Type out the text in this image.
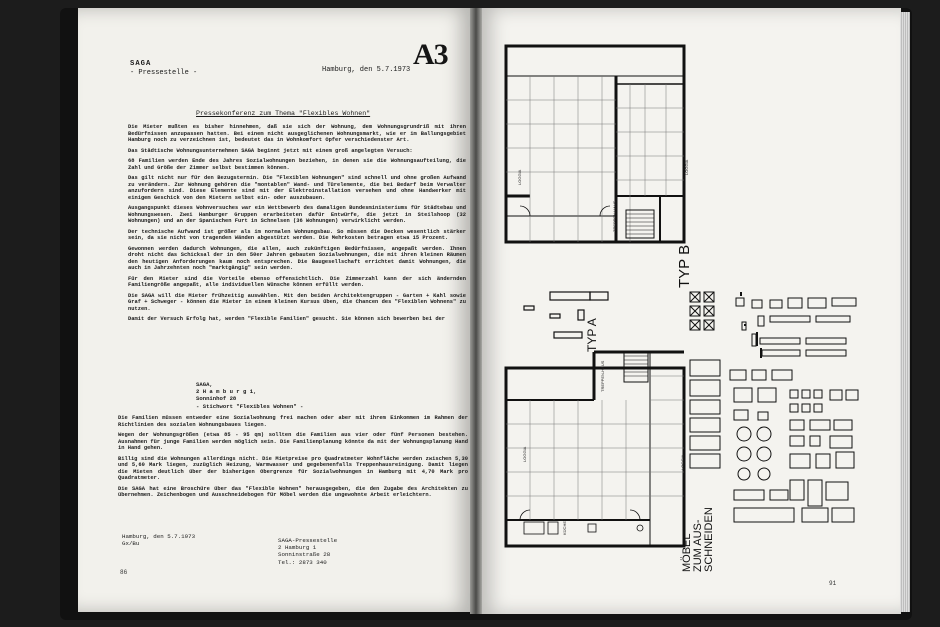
SAGA
- Pressestelle -	Hamburg, den 5.7.1973 A3
Pressekonferenz zum Thema "Flexibles Wohnen"

Die Mieter mußten es bisher hinnehmen, daß sie sich der Wohnung, dem Wohnungsgrundriß mit ihren Bedürfnissen anzupassen hatten. Bei einem nicht ausgeglichenen Wohnungsmarkt, wie er im Ballungsgebiet Hamburg noch zu verzeichnen ist, bedeutet das in Wohnkomfort Opfer verschiedenster Art.

Das Städtische Wohnungsunternehmen SAGA beginnt jetzt mit einem groß angelegten Versuch:

68 Familien werden Ende des Jahres Sozialwohnungen beziehen, in denen sie die Wohnungsaufteilung, die Zahl und Größe der Zimmer selbst bestimmen können.

Das gilt nicht nur für den Bezugstermin. Die "Flexiblen Wohnungen" sind schnell und ohne großen Aufwand zu verändern. Zur Wohnung gehören die "montablen" Wand- und Türelemente, die bei Bedarf beim Verwalter anzufordern sind. Diese Elemente sind mit der Elektroinstallation versehen und ohne Handwerker mit einigem Geschick von den Mietern selbst ein- oder auszubauen.

Ausgangspunkt dieses Wohnversuches war ein Wettbewerb des damaligen Bundesministeriums für Städtebau und Wohnungswesen. Zwei Hamburger Gruppen erarbeiteten dafür Entwürfe, die jetzt in Steilshoop (32 Wohnungen) und an der Spanischen Furt in Schnelsen (36 Wohnungen) verwirklicht werden.

Der technische Aufwand ist größer als im normalen Wohnungsbau. So müssen die Decken wesentlich stärker sein, da sie nicht von tragenden Wänden abgestützt werden. Die Mehrkosten betragen etwa 15 Prozent.

Gewonnen werden dadurch Wohnungen, die allen, auch zukünftigen Bedürfnissen, angepaßt werden. Ihnen droht nicht das Schicksal der in den 50er Jahren gebauten Sozialwohnungen, die mit ihren kleinen Räumen den heutigen Anforderungen kaum noch entsprechen. Die Baugesellschaft errichtet damit Wohnungen, die auch in Jahrzehnten noch "marktgängig" sein werden.

Für den Mieter sind die Vorteile ebenso offensichtlich. Die Zimmerzahl kann der sich ändernden Familiengröße angepaßt, alle individuellen Wünsche können erfüllt werden.

Die SAGA will die Mieter frühzeitig auswählen. Mit den beiden Architektengruppen - Garten + Kahl sowie Graf + Schweger - können die Mieter in einem kleinen Kursus üben, die Chancen des "Flexiblen Wohnens" zu nutzen.

Damit der Versuch Erfolg hat, werden "Flexible Familien" gesucht. Sie können sich bewerben bei der

SAGA,
2 H a m b u r g 1,
Sonninhof 28
- Stichwort "Flexibles Wohnen" -

Die Familien müssen entweder eine Sozialwohnung frei machen oder aber mit ihrem Einkommen im Rahmen der Richtlinien des sozialen Wohnungsbaues liegen.

Wegen der Wohnungsgrößen (etwa 85 - 95 qm) sollten die Familien aus vier oder fünf Personen bestehen. Ausnahmen für junge Familien werden möglich sein. Die Familienplanung könnte da mit der Wohnungsplanung Hand in Hand gehen.

Billig sind die Wohnungen allerdings nicht. Die Mietpreise pro Quadratmeter Wohnfläche werden zwischen 5,30 und 5,60 Mark liegen, zuzüglich Heizung, Warmwasser und gegebenenfalls Treppenhausreinigung. Damit liegen die Mieten deutlich über der bisherigen Obergrenze für Sozialwohnungen in Hamburg mit 4,70 Mark pro Quadratmeter.

Die SAGA hat eine Broschüre über das "Flexible Wohnen" herausgegeben, die den Zugabe des Architekten zu übernehmen. Zeichenbogen und Ausschneidebogen für Möbel werden die ungewohnte Arbeit erleichtern.

Hamburg, den 5.7.1973
Gx/Bu	SAGA-Pressestelle
2 Hamburg 1
Sonninstraße 28
Tel.: 2873 340
86
TYP B
TYP A
MÖBEL ZUM AUS- SCHNEIDEN
LOGGIA
LOGGIA
LOGGIA
LOGGIA
TREPPEN-HAUS
TREPPEN-HAUS
KÜCHE
91
